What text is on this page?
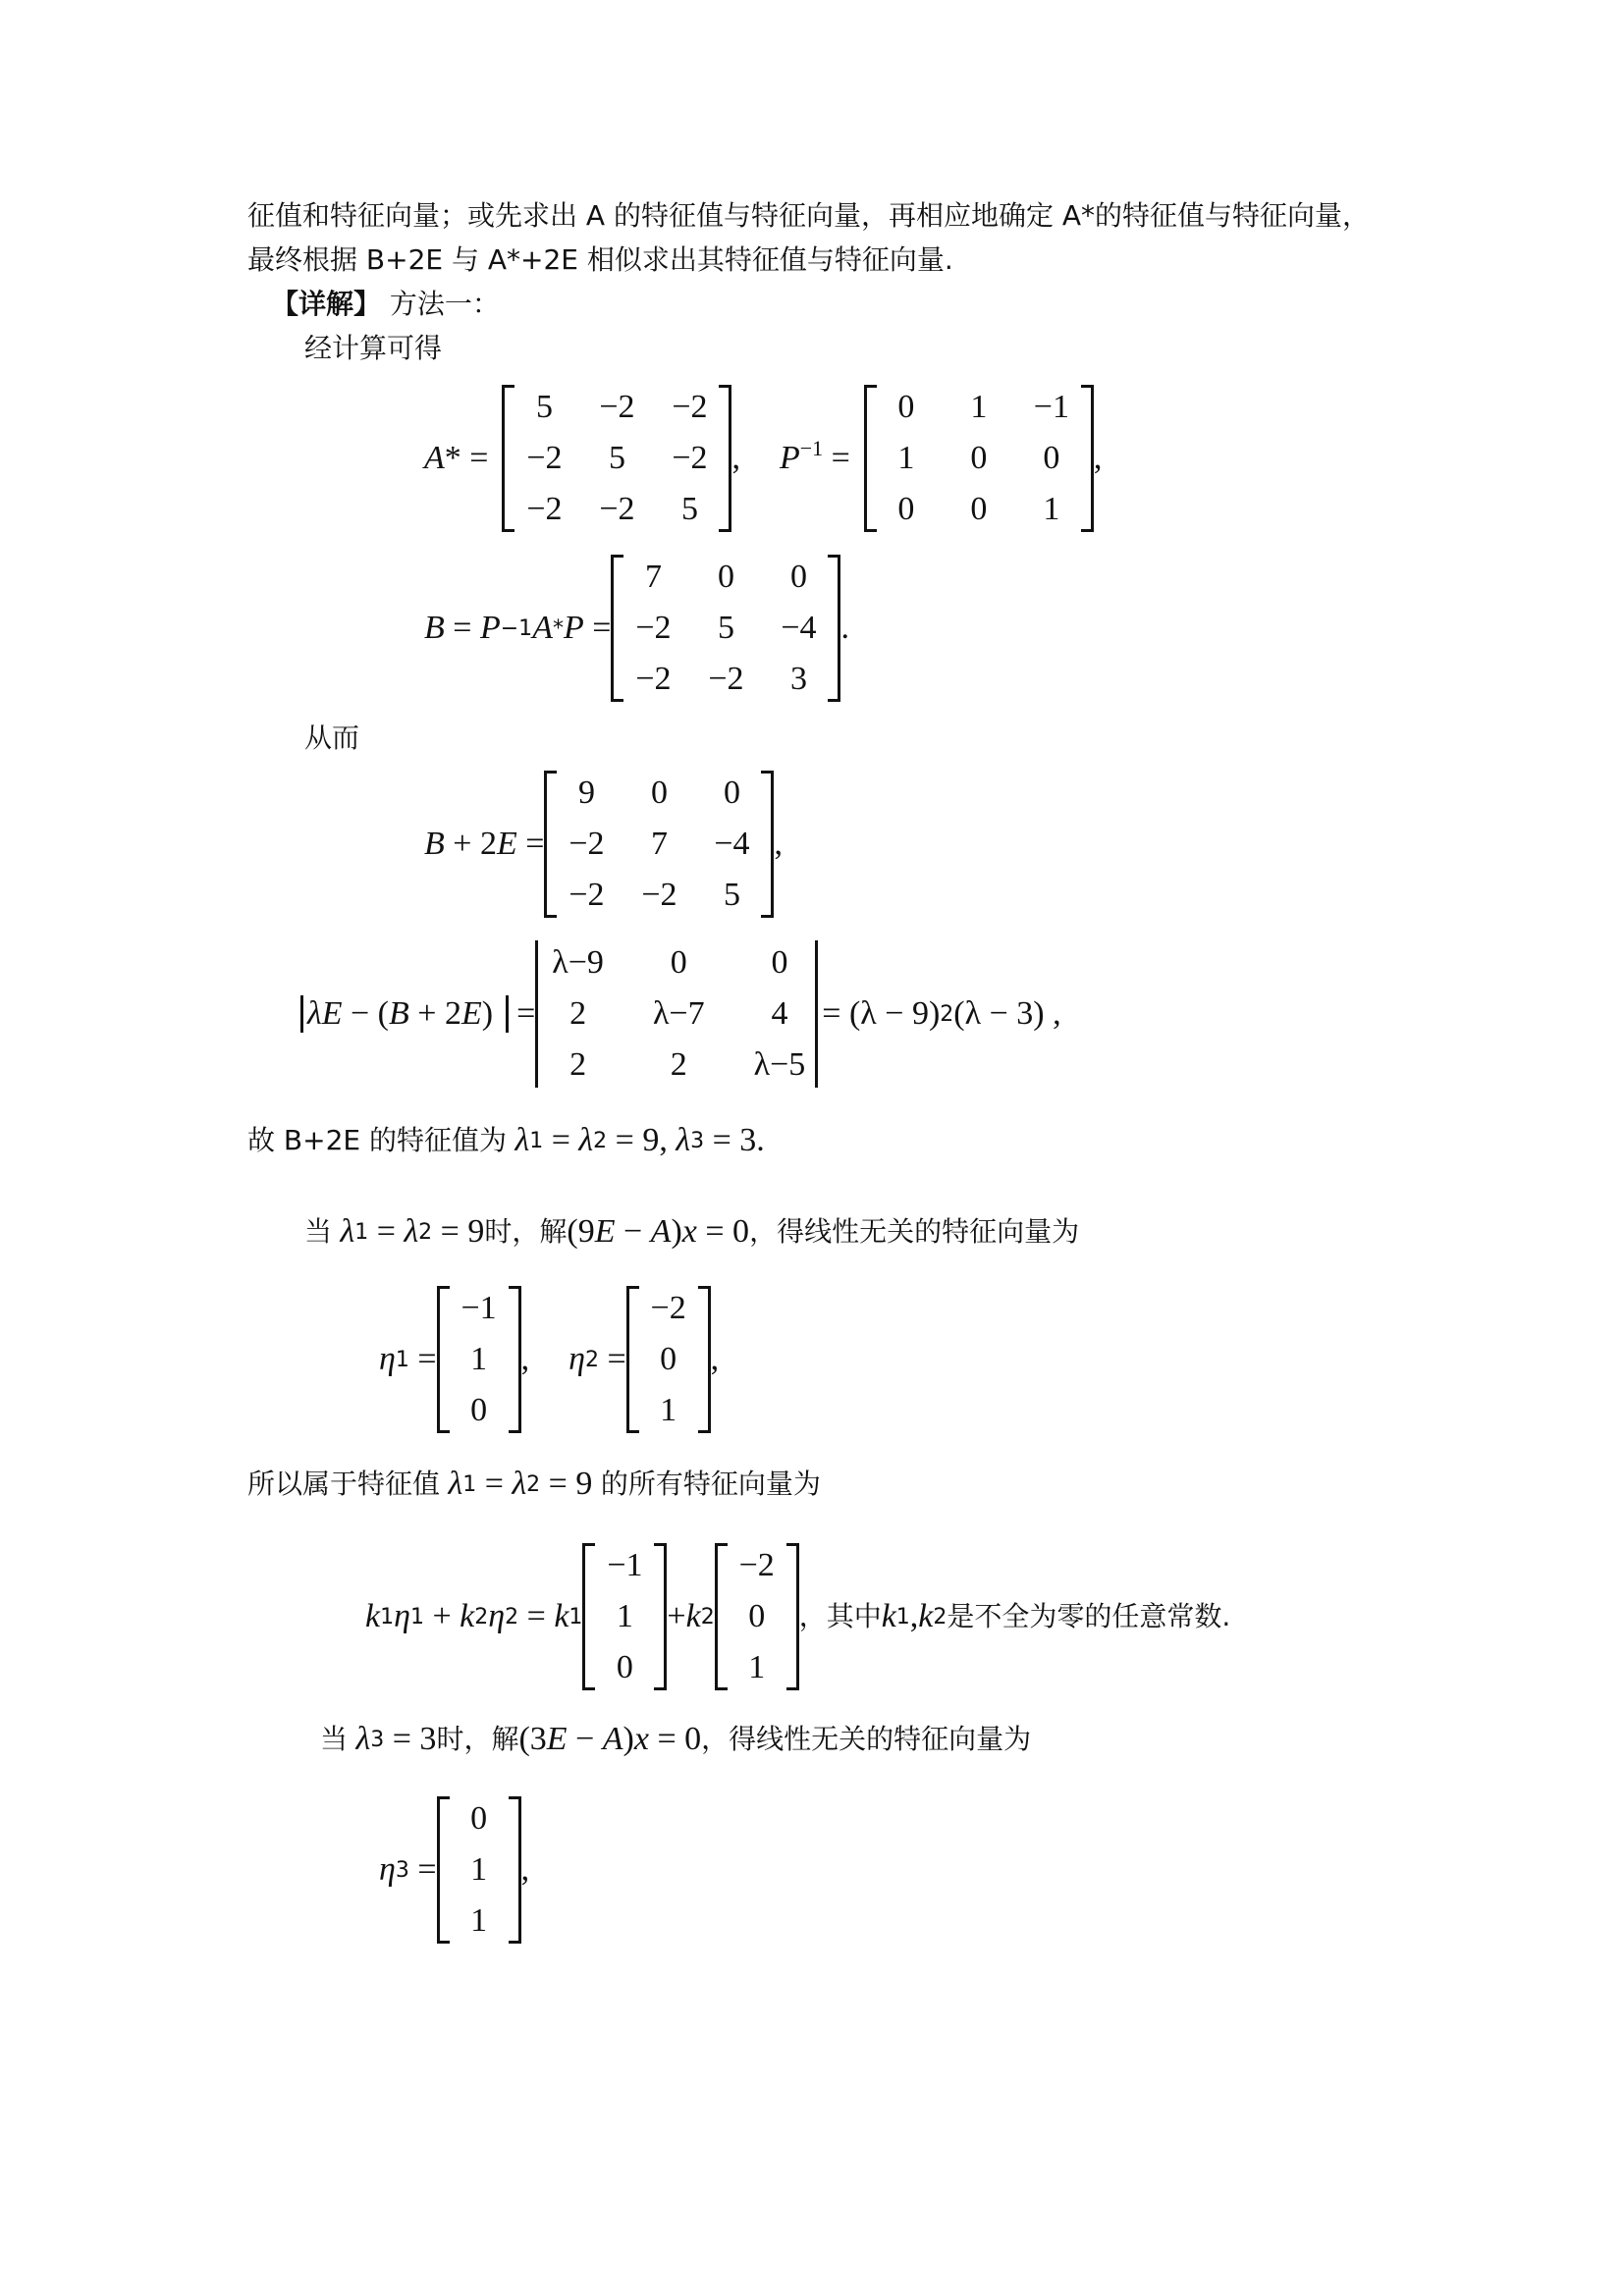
征值和特征向量；或先求出 A 的特征值与特征向量，再相应地确定 A*的特征值与特征向量，
最终根据 B+2E 与 A*+2E 相似求出其特征值与特征向量.
【详解】 方法一：
经计算可得
A * =
5	−2 −2
−2	5	−2
−2 −2	5
, P −1 =
0	1	−1
1	0	0
0	0	1
,
B = P −1 A * P =
7	0	0
−2	5	−4
−2 −2	3
.
从而
B + 2 E =
9	0	0
−2	7	−4
−2 −2	5
,
λE − (B + 2E)
=
λ−9	0	0
2	λ−7	4
2	2	λ−5
= (λ − 9) 2 (λ − 3) ,
故 B+2E 的特征值为
λ 1 = λ 2 = 9, λ 3 = 3.
当 λ 1 = λ 2 = 9 时，解 (9 E − A ) x = 0 ，得线性无关的特征向量为
η 1 =
−1
1
0
, η 2 =
−2
0
1
,
所以属于特征值 λ 1 = λ 2 = 9 的所有特征向量为
k 1 η 1 + k 2 η 2 = k 1
−1
1
0
+ k 2
−2
0
1
，其中 k 1 , k 2 是不全为零的任意常数.
当 λ 3 = 3 时，解 (3 E − A ) x = 0 ，得线性无关的特征向量为
η 3 =
0
1
1
,
